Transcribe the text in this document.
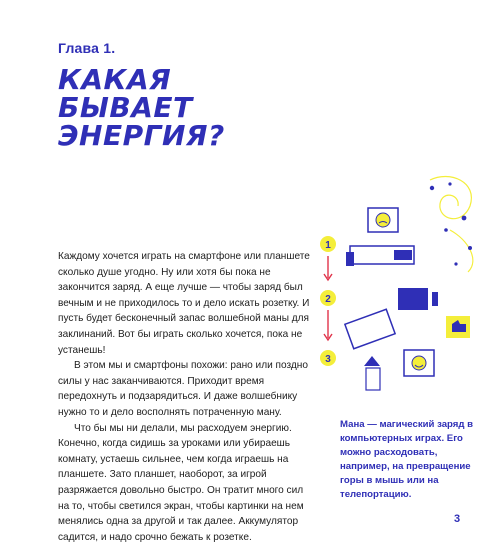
Глава 1.
КАКАЯ
БЫВАЕТ
ЭНЕРГИЯ?

Каждому хочется играть на смартфоне или планшете сколько душе угодно. Ну или хотя бы пока не закончится заряд. А еще лучше — чтобы заряд был вечным и не приходилось то и дело искать розетку. И пусть будет бесконечный запас волшебной маны для заклинаний. Вот бы играть сколько хочется, пока не устанешь!

В этом мы и смартфоны похожи: рано или поздно силы у нас заканчиваются. Приходит время передохнуть и подзарядиться. И даже волшебнику нужно то и дело восполнять потраченную ману.

Что бы мы ни делали, мы расходуем энергию. Конечно, когда сидишь за уроками или убираешь комнату, устаешь сильнее, чем когда играешь на планшете. Зато планшет, наоборот, за игрой разряжается довольно быстро. Он тратит много сил на то, чтобы светился экран, чтобы картинки на нем менялись одна за другой и так далее. Аккумулятор садится, и надо срочно бежать к розетке.

1
2
3
Мана — магический заряд в компьютерных играх. Его можно расходовать, например, на превращение горы в мышь или на телепортацию.
3
